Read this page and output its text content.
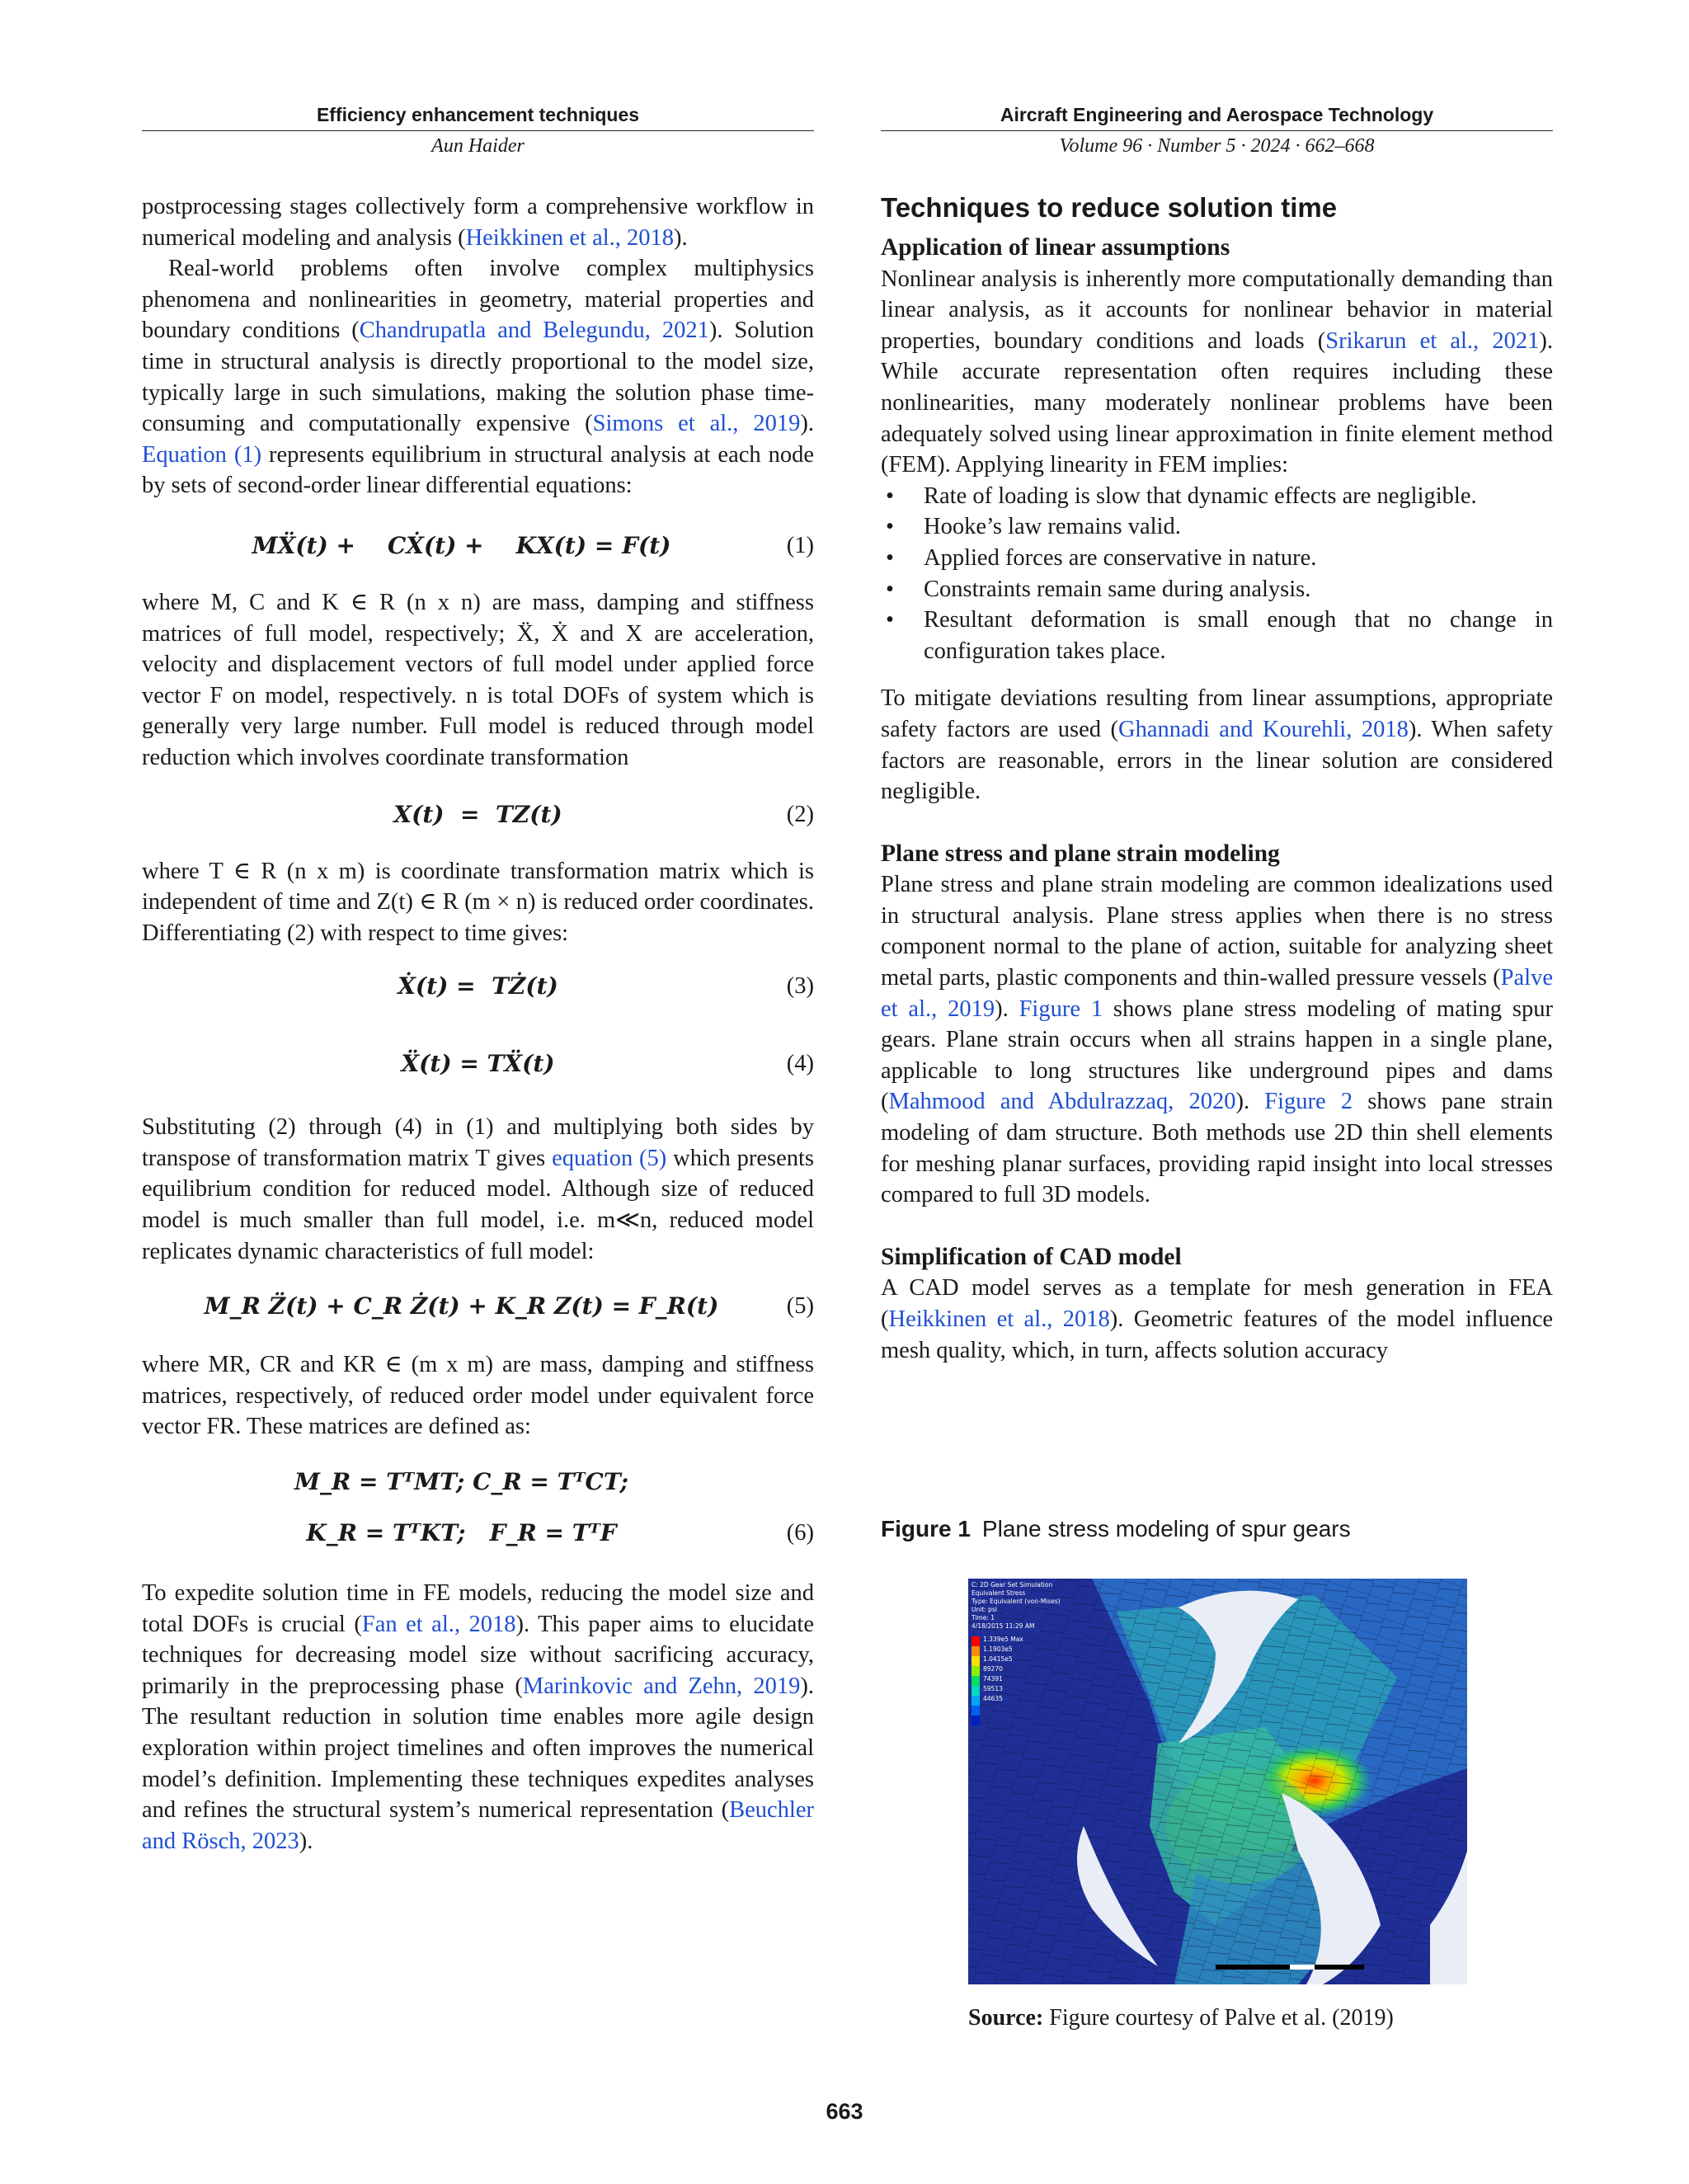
Efficiency enhancement techniques
Aun Haider
Aircraft Engineering and Aerospace Technology
Volume 96 · Number 5 · 2024 · 662–668

postprocessing stages collectively form a comprehensive workflow in numerical modeling and analysis (Heikkinen et al., 2018).

Real-world problems often involve complex multiphysics phenomena and nonlinearities in geometry, material properties and boundary conditions (Chandrupatla and Belegundu, 2021). Solution time in structural analysis is directly proportional to the model size, typically large in such simulations, making the solution phase time-consuming and computationally expensive (Simons et al., 2019). Equation (1) represents equilibrium in structural analysis at each node by sets of second-order linear differential equations:

MẌ(t) +    CẊ(t) +    KX(t) = F(t)	(1)

where M, C and K ∈ R (n x n) are mass, damping and stiffness matrices of full model, respectively; Ẍ, Ẋ and X are acceleration, velocity and displacement vectors of full model under applied force vector F on model, respectively. n is total DOFs of system which is generally very large number. Full model is reduced through model reduction which involves coordinate transformation

X(t)  =  TZ(t)	(2)

where T ∈ R (n x m) is coordinate transformation matrix which is independent of time and Z(t) ∈ R (m × n) is reduced order coordinates. Differentiating (2) with respect to time gives:

Ẋ(t) =  TŻ(t)	(3)
Ẍ(t) = TẌ(t)	(4)

Substituting (2) through (4) in (1) and multiplying both sides by transpose of transformation matrix T gives equation (5) which presents equilibrium condition for reduced model. Although size of reduced model is much smaller than full model, i.e. m≪n, reduced model replicates dynamic characteristics of full model:

M_R Z̈(t) + C_R Ż(t) + K_R Z(t) = F_R(t)	(5)

where MR, CR and KR ∈ (m x m) are mass, damping and stiffness matrices, respectively, of reduced order model under equivalent force vector FR. These matrices are defined as:

M_R = TᵀMT; C_R = TᵀCT;
K_R = TᵀKT;   F_R = TᵀF	(6)

To expedite solution time in FE models, reducing the model size and total DOFs is crucial (Fan et al., 2018). This paper aims to elucidate techniques for decreasing model size without sacrificing accuracy, primarily in the preprocessing phase (Marinkovic and Zehn, 2019). The resultant reduction in solution time enables more agile design exploration within project timelines and often improves the numerical model’s definition. Implementing these techniques expedites analyses and refines the structural system’s numerical representation (Beuchler and Rösch, 2023).

Techniques to reduce solution time
Application of linear assumptions

Nonlinear analysis is inherently more computationally demanding than linear analysis, as it accounts for nonlinear behavior in material properties, boundary conditions and loads (Srikarun et al., 2021). While accurate representation often requires including these nonlinearities, many moderately nonlinear problems have been adequately solved using linear approximation in finite element method (FEM). Applying linearity in FEM implies:

• Rate of loading is slow that dynamic effects are negligible.
• Hooke’s law remains valid.
• Applied forces are conservative in nature.
• Constraints remain same during analysis.
• Resultant deformation is small enough that no change in configuration takes place.

To mitigate deviations resulting from linear assumptions, appropriate safety factors are used (Ghannadi and Kourehli, 2018). When safety factors are reasonable, errors in the linear solution are considered negligible.

Plane stress and plane strain modeling

Plane stress and plane strain modeling are common idealizations used in structural analysis. Plane stress applies when there is no stress component normal to the plane of action, suitable for analyzing sheet metal parts, plastic components and thin-walled pressure vessels (Palve et al., 2019). Figure 1 shows plane stress modeling of mating spur gears. Plane strain occurs when all strains happen in a single plane, applicable to long structures like underground pipes and dams (Mahmood and Abdulrazzaq, 2020). Figure 2 shows pane strain modeling of dam structure. Both methods use 2D thin shell elements for meshing planar surfaces, providing rapid insight into local stresses compared to full 3D models.

Simplification of CAD model

A CAD model serves as a template for mesh generation in FEA (Heikkinen et al., 2018). Geometric features of the model influence mesh quality, which, in turn, affects solution accuracy

Figure 1 Plane stress modeling of spur gears
C: 2D Gear Set Simulation
Equivalent Stress
Type: Equivalent (von-Mises)
Unit: psi
Time: 1
4/18/2015 11:29 AM
1.339e5 Max
1.1903e5
1.0415e5
89270
74391
59513
44635
Source: Figure courtesy of Palve et al. (2019)
663
